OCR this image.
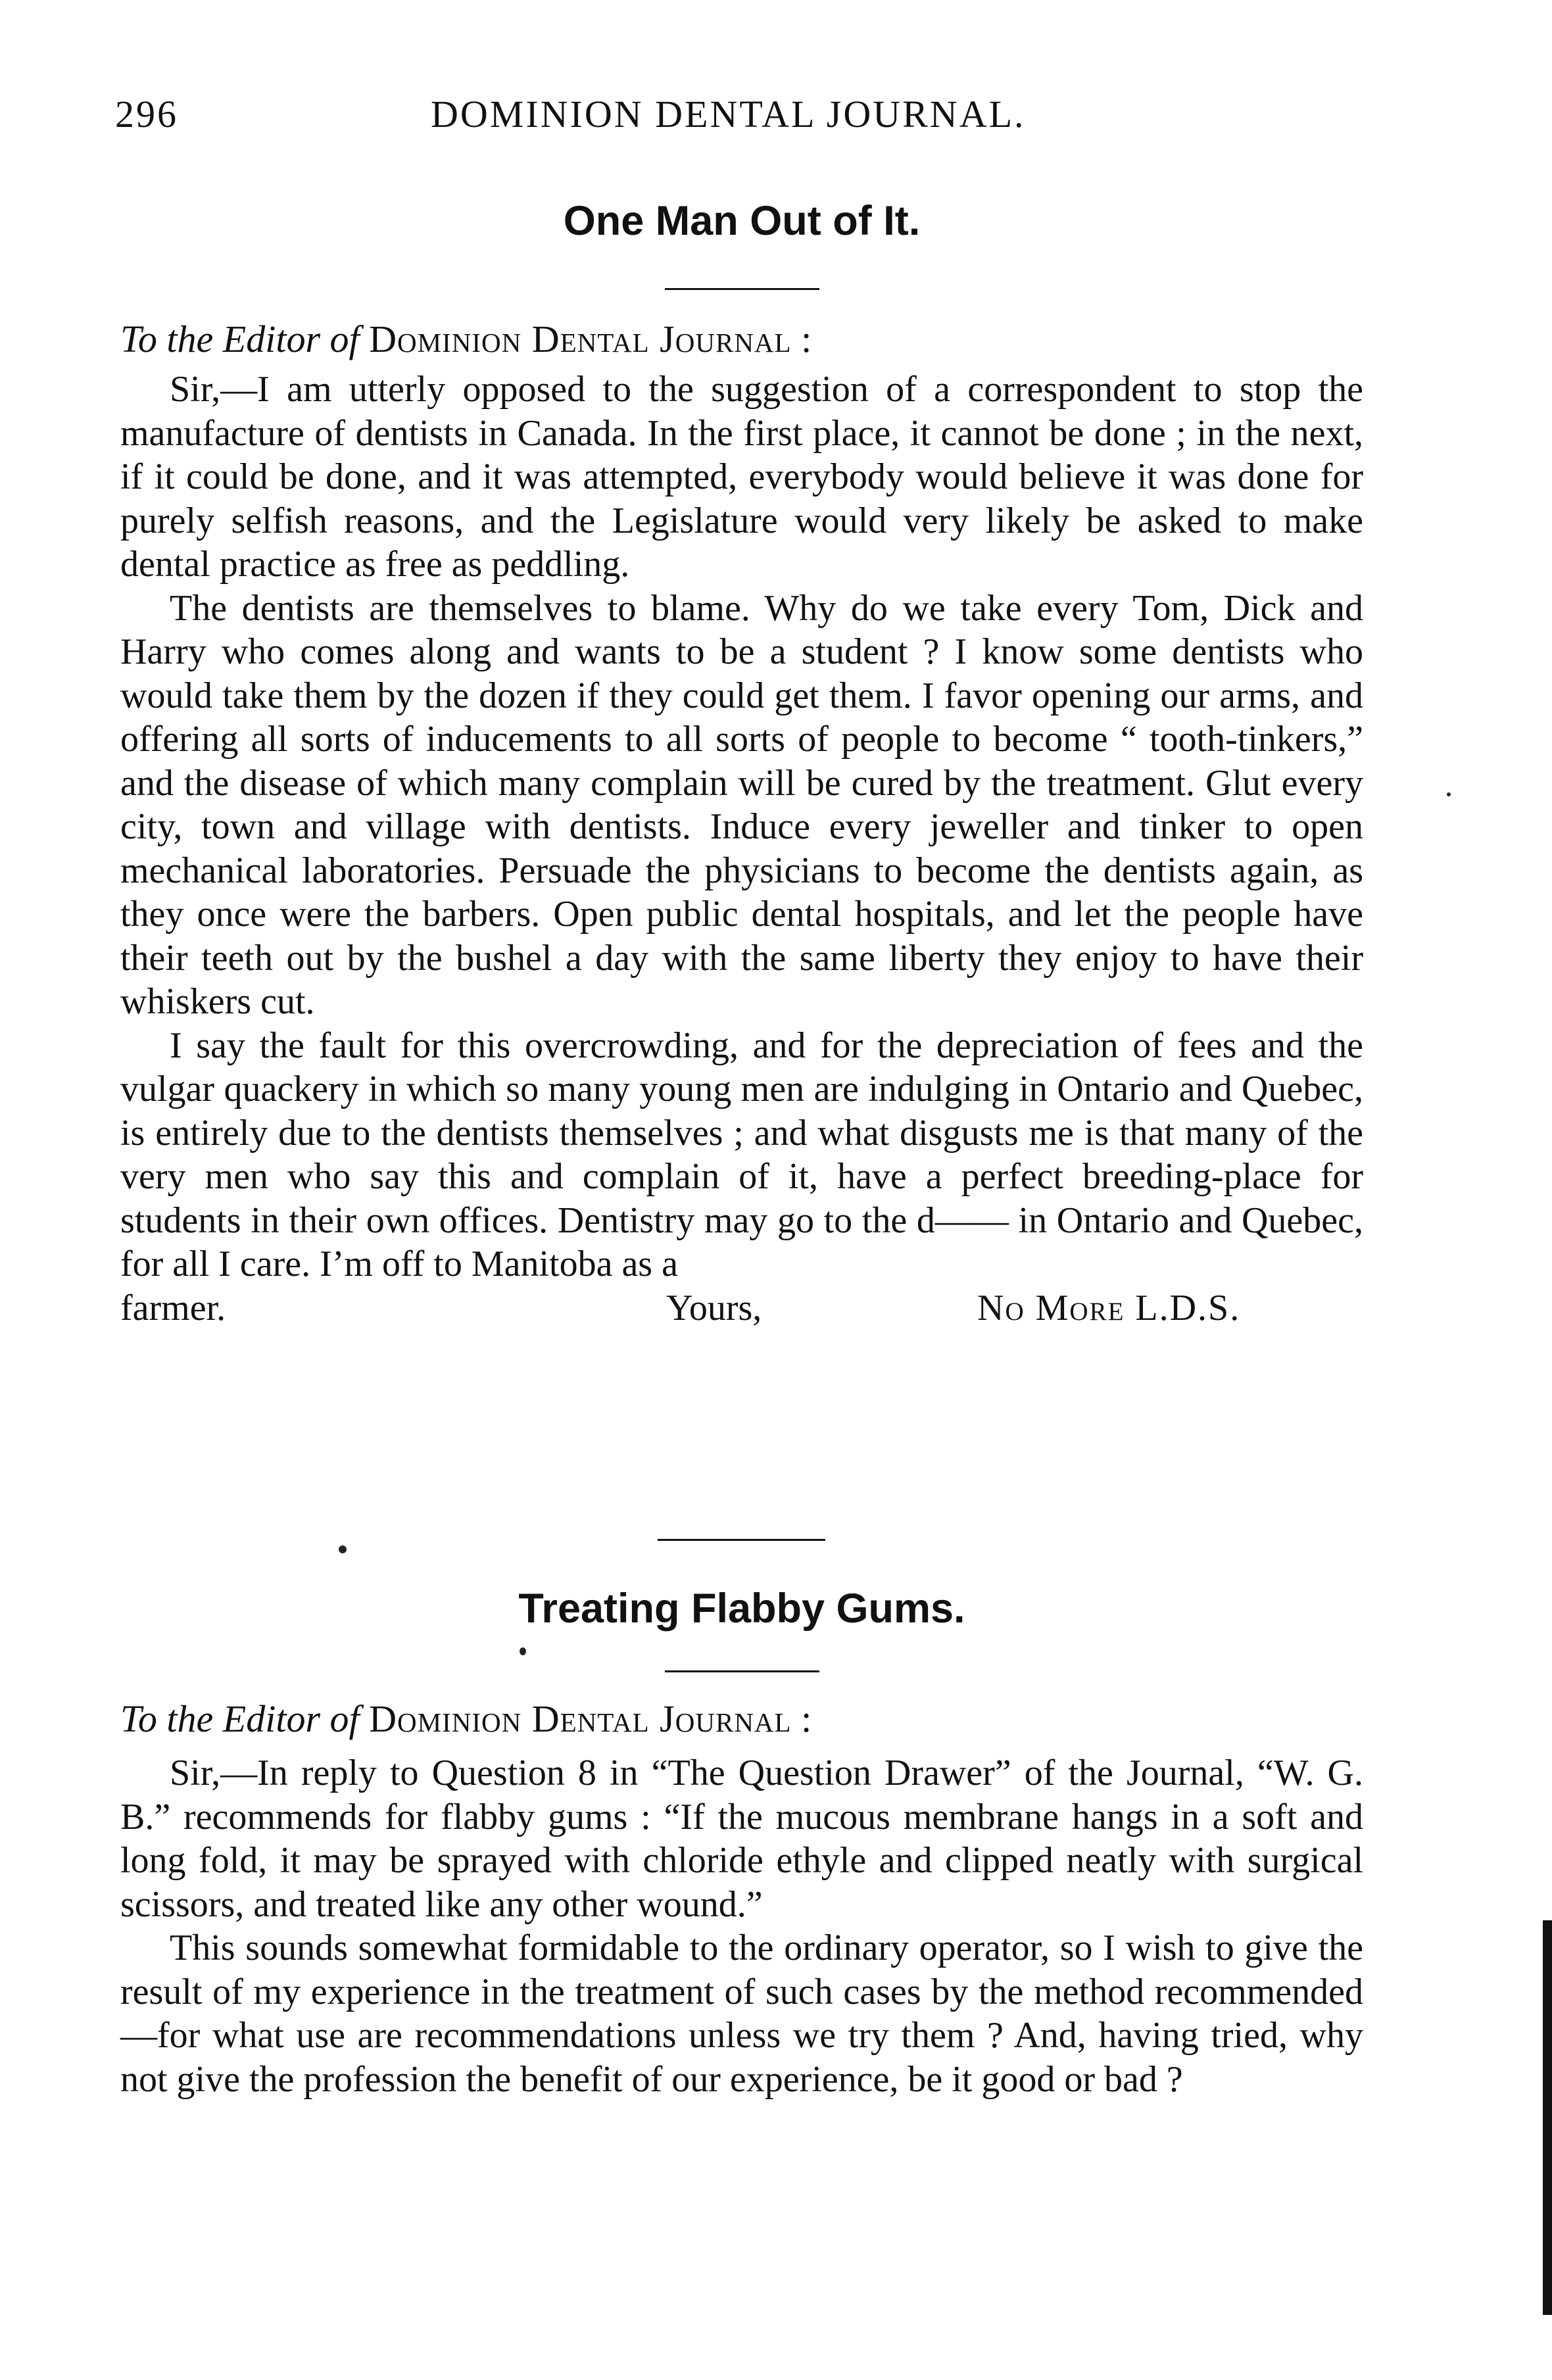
296	DOMINION DENTAL JOURNAL.
One Man Out of It.

To the Editor of Dominion Dental Journal :

Sir,—I am utterly opposed to the suggestion of a correspondent to stop the manufacture of dentists in Canada. In the first place, it cannot be done ; in the next, if it could be done, and it was attempted, everybody would believe it was done for purely selfish reasons, and the Legislature would very likely be asked to make dental practice as free as peddling.

The dentists are themselves to blame. Why do we take every Tom, Dick and Harry who comes along and wants to be a student ? I know some dentists who would take them by the dozen if they could get them. I favor opening our arms, and offering all sorts of inducements to all sorts of people to become “ tooth-tinkers,” and the disease of which many complain will be cured by the treatment. Glut every city, town and village with dentists. Induce every jeweller and tinker to open mechanical laboratories. Persuade the physicians to become the dentists again, as they once were the barbers. Open public dental hospitals, and let the people have their teeth out by the bushel a day with the same liberty they enjoy to have their whiskers cut.

I say the fault for this overcrowding, and for the depreciation of fees and the vulgar quackery in which so many young men are indulging in Ontario and Quebec, is entirely due to the dentists themselves ; and what disgusts me is that many of the very men who say this and complain of it, have a perfect breeding-place for students in their own offices. Dentistry may go to the d—— in Ontario and Quebec, for all I care. I’m off to Manitoba as a

farmer.	Yours,	No More L.D.S.
Treating Flabby Gums.

To the Editor of Dominion Dental Journal :

Sir,—In reply to Question 8 in “The Question Drawer” of the Journal, “W. G. B.” recommends for flabby gums : “If the mucous membrane hangs in a soft and long fold, it may be sprayed with chloride ethyle and clipped neatly with surgical scissors, and treated like any other wound.”

This sounds somewhat formidable to the ordinary operator, so I wish to give the result of my experience in the treatment of such cases by the method recommended—for what use are recommendations unless we try them ? And, having tried, why not give the profession the benefit of our experience, be it good or bad ?
